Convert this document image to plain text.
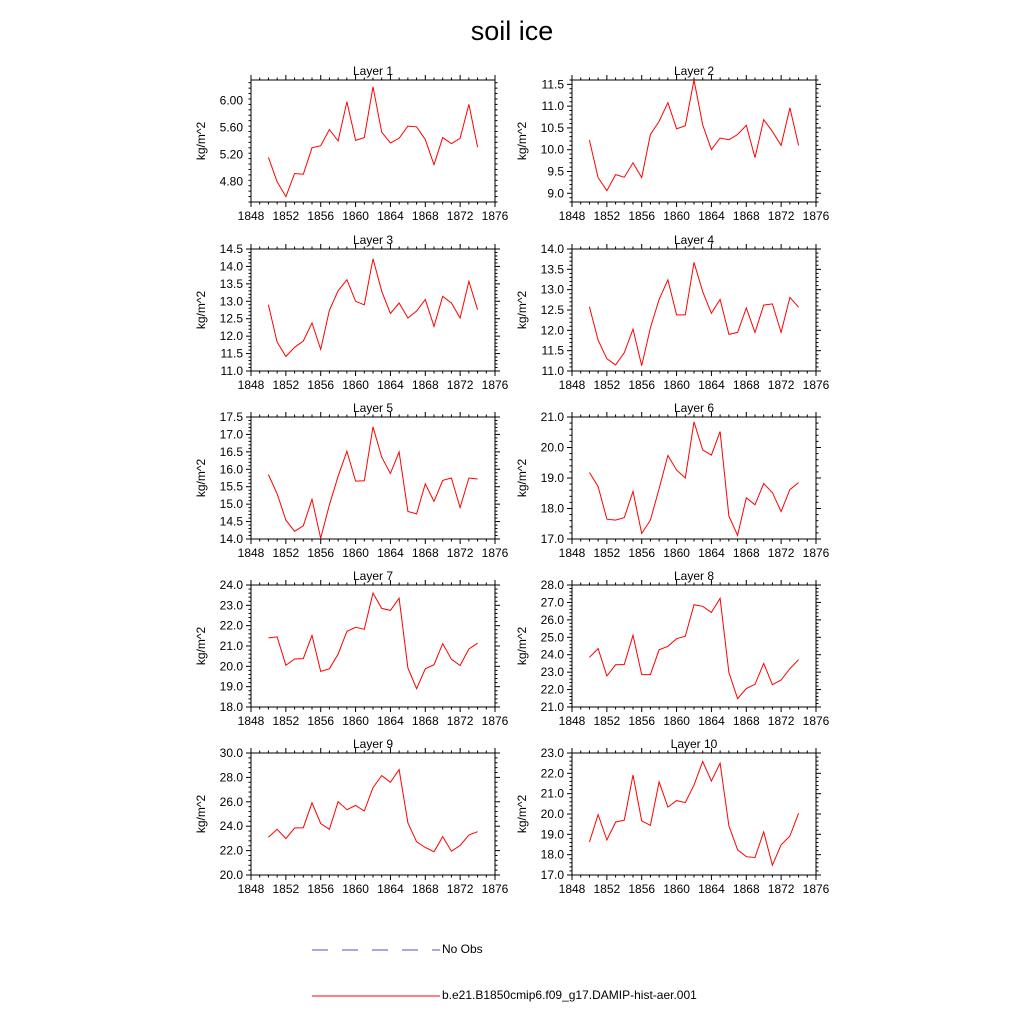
soil ice
Layer 1
1848 1852 1856 1860 1864 1868 1872 1876
4.80
5.20
5.60
6.00
kg/m^2
Layer 2
1848 1852 1856 1860 1864 1868 1872 1876
9.0
9.5
10.0
10.5
11.0
11.5
kg/m^2
Layer 3
1848 1852 1856 1860 1864 1868 1872 1876
11.0
11.5
12.0
12.5
13.0
13.5
14.0
14.5
kg/m^2
Layer 4
1848 1852 1856 1860 1864 1868 1872 1876
11.0
11.5
12.0
12.5
13.0
13.5
14.0
kg/m^2
Layer 5
1848 1852 1856 1860 1864 1868 1872 1876
14.0
14.5
15.0
15.5
16.0
16.5
17.0
17.5
kg/m^2
Layer 6
1848 1852 1856 1860 1864 1868 1872 1876
17.0
18.0
19.0
20.0
21.0
kg/m^2
Layer 7
1848 1852 1856 1860 1864 1868 1872 1876
18.0
19.0
20.0
21.0
22.0
23.0
24.0
kg/m^2
Layer 8
1848 1852 1856 1860 1864 1868 1872 1876
21.0
22.0
23.0
24.0
25.0
26.0
27.0
28.0
kg/m^2
Layer 9
1848 1852 1856 1860 1864 1868 1872 1876
20.0
22.0
24.0
26.0
28.0
30.0
kg/m^2
Layer 10
1848 1852 1856 1860 1864 1868 1872 1876
17.0
18.0
19.0
20.0
21.0
22.0
23.0
kg/m^2
No Obs
b.e21.B1850cmip6.f09_g17.DAMIP-hist-aer.001
